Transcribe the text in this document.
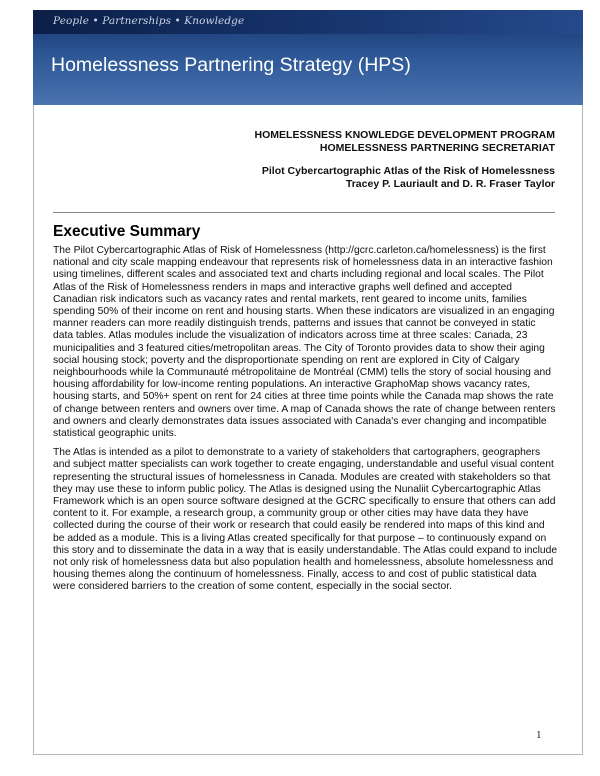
People • Partnerships • Knowledge
Homelessness Partnering Strategy (HPS)
HOMELESSNESS KNOWLEDGE DEVELOPMENT PROGRAM
HOMELESSNESS PARTNERING SECRETARIAT
Pilot Cybercartographic Atlas of the Risk of Homelessness
Tracey P. Lauriault and D. R. Fraser Taylor
Executive Summary

The Pilot Cybercartographic Atlas of Risk of Homelessness (http://gcrc.carleton.ca/homelessness) is the first national and city scale mapping endeavour that represents risk of homelessness data in an interactive fashion using timelines, different scales and associated text and charts including regional and local scales. The Pilot Atlas of the Risk of Homelessness renders in maps and interactive graphs well defined and accepted Canadian risk indicators such as vacancy rates and rental markets, rent geared to income units, families spending 50% of their income on rent and housing starts. When these indicators are visualized in an engaging manner readers can more readily distinguish trends, patterns and issues that cannot be conveyed in static data tables. Atlas modules include the visualization of indicators across time at three scales: Canada, 23 municipalities and 3 featured cities/metropolitan areas. The City of Toronto provides data to show their aging social housing stock; poverty and the disproportionate spending on rent are explored in City of Calgary neighbourhoods while la Communauté métropolitaine de Montréal (CMM) tells the story of social housing and housing affordability for low-income renting populations. An interactive GraphoMap shows vacancy rates, housing starts, and 50%+ spent on rent for 24 cities at three time points while the Canada map shows the rate of change between renters and owners over time. A map of Canada shows the rate of change between renters and owners and clearly demonstrates data issues associated with Canada's ever changing and incompatible statistical geographic units.

The Atlas is intended as a pilot to demonstrate to a variety of stakeholders that cartographers, geographers and subject matter specialists can work together to create engaging, understandable and useful visual content representing the structural issues of homelessness in Canada. Modules are created with stakeholders so that they may use these to inform public policy. The Atlas is designed using the Nunaliit Cybercartographic Atlas Framework which is an open source software designed at the GCRC specifically to ensure that others can add content to it. For example, a research group, a community group or other cities may have data they have collected during the course of their work or research that could easily be rendered into maps of this kind and be added as a module. This is a living Atlas created specifically for that purpose – to continuously expand on this story and to disseminate the data in a way that is easily understandable. The Atlas could expand to include not only risk of homelessness data but also population health and homelessness, absolute homelessness and housing themes along the continuum of homelessness. Finally, access to and cost of public statistical data were considered barriers to the creation of some content, especially in the social sector.

1
